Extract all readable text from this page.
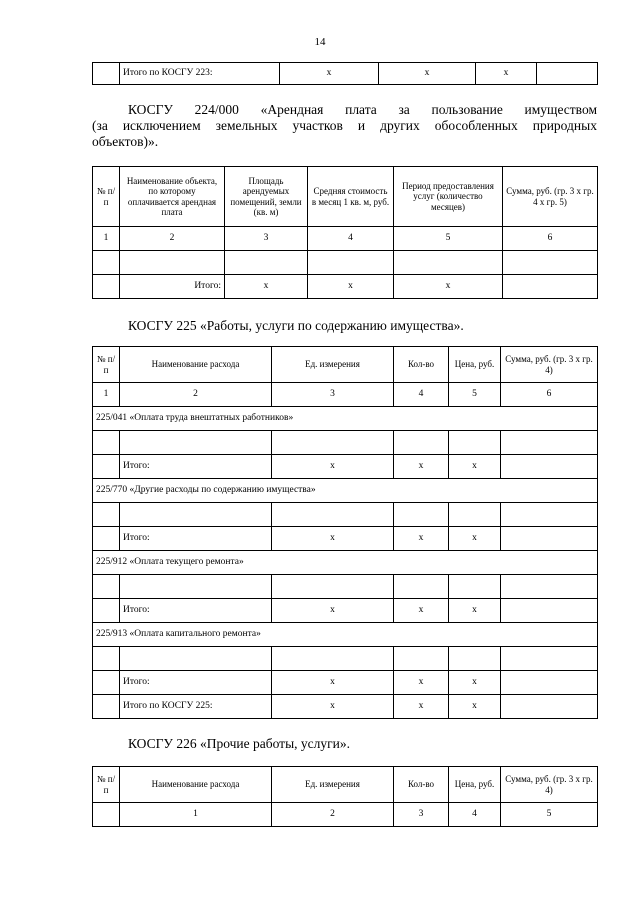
14
	Итого по КОСГУ 223:	x	x	x	
КОСГУ 224/000 «Арендная плата за пользование имуществом
(за исключением земельных участков и других обособленных природных
объектов)».
№ п/п	Наименование объекта, по которому оплачивается арендная плата	Площадь арендуемых помещений, земли (кв. м)	Средняя стоимость в месяц 1 кв. м, руб.	Период предоставления услуг (количество месяцев)	Сумма, руб. (гр. 3 х гр. 4 х гр. 5)
1	2	3	4	5	6

	Итого:	x	x	x	
КОСГУ 225 «Работы, услуги по содержанию имущества».
№ п/п	Наименование расхода	Ед. измерения	Кол-во	Цена, руб.	Сумма, руб. (гр. 3 х гр. 4)
1	2	3	4	5	6
225/041 «Оплата труда внештатных работников»					

	Итого:	x	x	x	
225/770 «Другие расходы по содержанию имущества»					

	Итого:	x	x	x	
225/912 «Оплата текущего ремонта»					

	Итого:	x	x	x	
225/913 «Оплата капитального ремонта»					

	Итого:	x	x	x	
	Итого по КОСГУ 225:	x	x	x	
КОСГУ 226 «Прочие работы, услуги».
№ п/п	Наименование расхода	Ед. измерения	Кол-во	Цена, руб.	Сумма, руб. (гр. 3 х гр. 4)
	1	2	3	4	5
